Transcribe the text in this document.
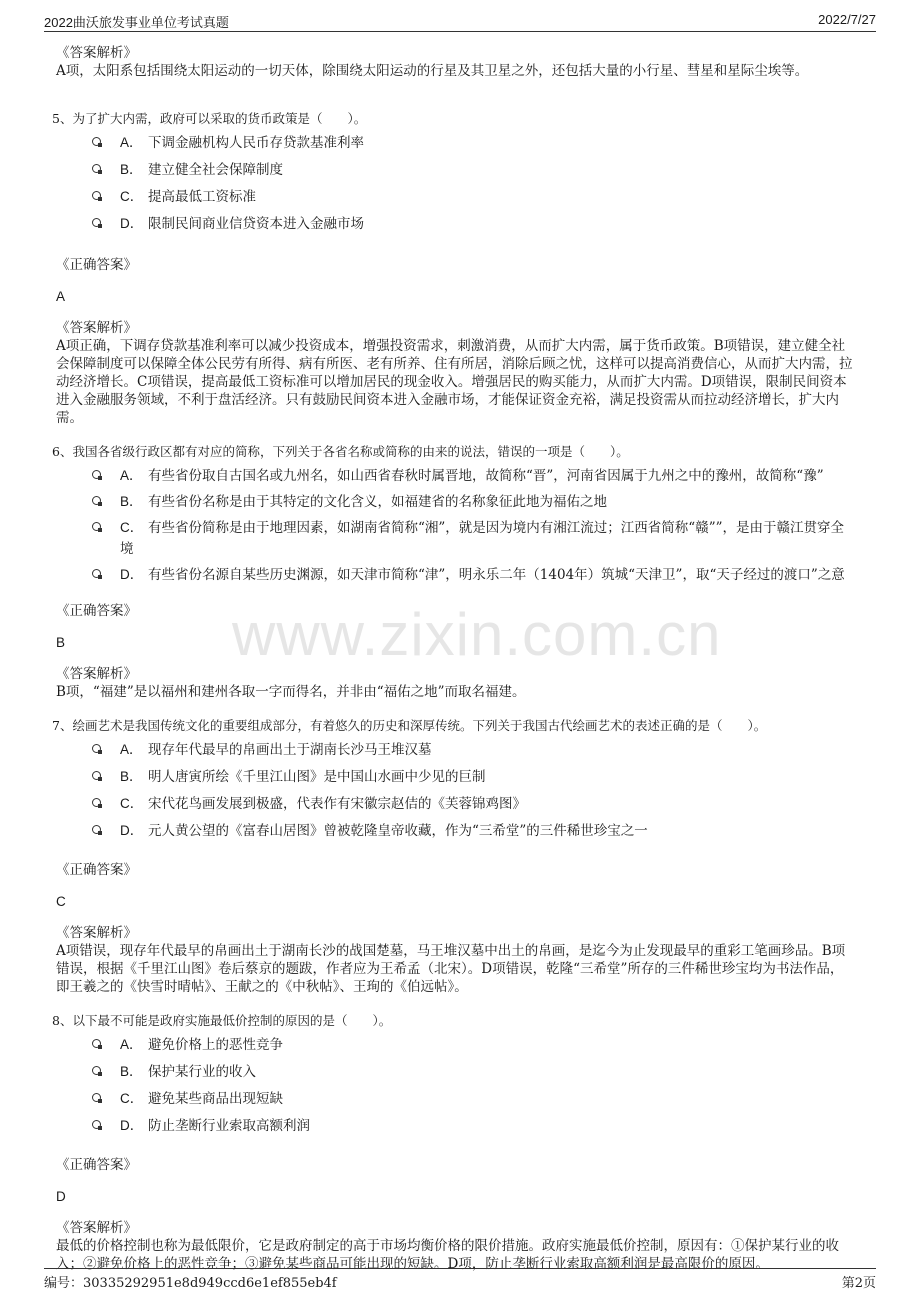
2022曲沃旅发事业单位考试真题	2022/7/27
www.zixin.com.cn

《答案解析》

A项，太阳系包括围绕太阳运动的一切天体，除围绕太阳运动的行星及其卫星之外，还包括大量的小行星、彗星和星际尘埃等。

5、为了扩大内需，政府可以采取的货币政策是（　　）。
A． 下调金融机构人民币存贷款基准利率
B． 建立健全社会保障制度
C． 提高最低工资标准
D． 限制民间商业信贷资本进入金融市场

《正确答案》

A

《答案解析》

A项正确，下调存贷款基准利率可以减少投资成本，增强投资需求，刺激消费，从而扩大内需，属于货币政策。B项错误，建立健全社会保障制度可以保障全体公民劳有所得、病有所医、老有所养、住有所居，消除后顾之忧，这样可以提高消费信心，从而扩大内需，拉动经济增长。C项错误，提高最低工资标准可以增加居民的现金收入。增强居民的购买能力，从而扩大内需。D项错误，限制民间资本进入金融服务领域，不利于盘活经济。只有鼓励民间资本进入金融市场，才能保证资金充裕，满足投资需从而拉动经济增长，扩大内需。

6、我国各省级行政区都有对应的简称，下列关于各省名称或简称的由来的说法，错误的一项是（　　）。
A． 有些省份取自古国名或九州名，如山西省春秋时属晋地，故简称“晋”，河南省因属于九州之中的豫州，故简称“豫”
B． 有些省份名称是由于其特定的文化含义，如福建省的名称象征此地为福佑之地
C． 有些省份简称是由于地理因素，如湖南省简称“湘”，就是因为境内有湘江流过；江西省简称“赣””，是由于赣江贯穿全境
D． 有些省份名源自某些历史渊源，如天津市简称“津”，明永乐二年（1404年）筑城“天津卫”，取“天子经过的渡口”之意

《正确答案》

B

《答案解析》

B项，“福建”是以福州和建州各取一字而得名，并非由“福佑之地”而取名福建。

7、绘画艺术是我国传统文化的重要组成部分，有着悠久的历史和深厚传统。下列关于我国古代绘画艺术的表述正确的是（　　）。
A． 现存年代最早的帛画出土于湖南长沙马王堆汉墓
B． 明人唐寅所绘《千里江山图》是中国山水画中少见的巨制
C． 宋代花鸟画发展到极盛，代表作有宋徽宗赵佶的《芙蓉锦鸡图》
D． 元人黄公望的《富春山居图》曾被乾隆皇帝收藏，作为“三希堂”的三件稀世珍宝之一

《正确答案》

C

《答案解析》

A项错误，现存年代最早的帛画出土于湖南长沙的战国楚墓，马王堆汉墓中出土的帛画，是迄今为止发现最早的重彩工笔画珍品。B项错误，根据《千里江山图》卷后蔡京的题跋，作者应为王希孟（北宋）。D项错误，乾隆“三希堂”所存的三件稀世珍宝均为书法作品，即王羲之的《快雪时晴帖》、王献之的《中秋帖》、王珣的《伯远帖》。

8、以下最不可能是政府实施最低价控制的原因的是（　　）。
A． 避免价格上的恶性竞争
B． 保护某行业的收入
C． 避免某些商品出现短缺
D． 防止垄断行业索取高额利润

《正确答案》

D

《答案解析》

最低的价格控制也称为最低限价，它是政府制定的高于市场均衡价格的限价措施。政府实施最低价控制，原因有：①保护某行业的收入；②避免价格上的恶性竞争；③避免某些商品可能出现的短缺。D项，防止垄断行业索取高额利润是最高限价的原因。

编号：30335292951e8d949ccd6e1ef855eb4f	第2页
